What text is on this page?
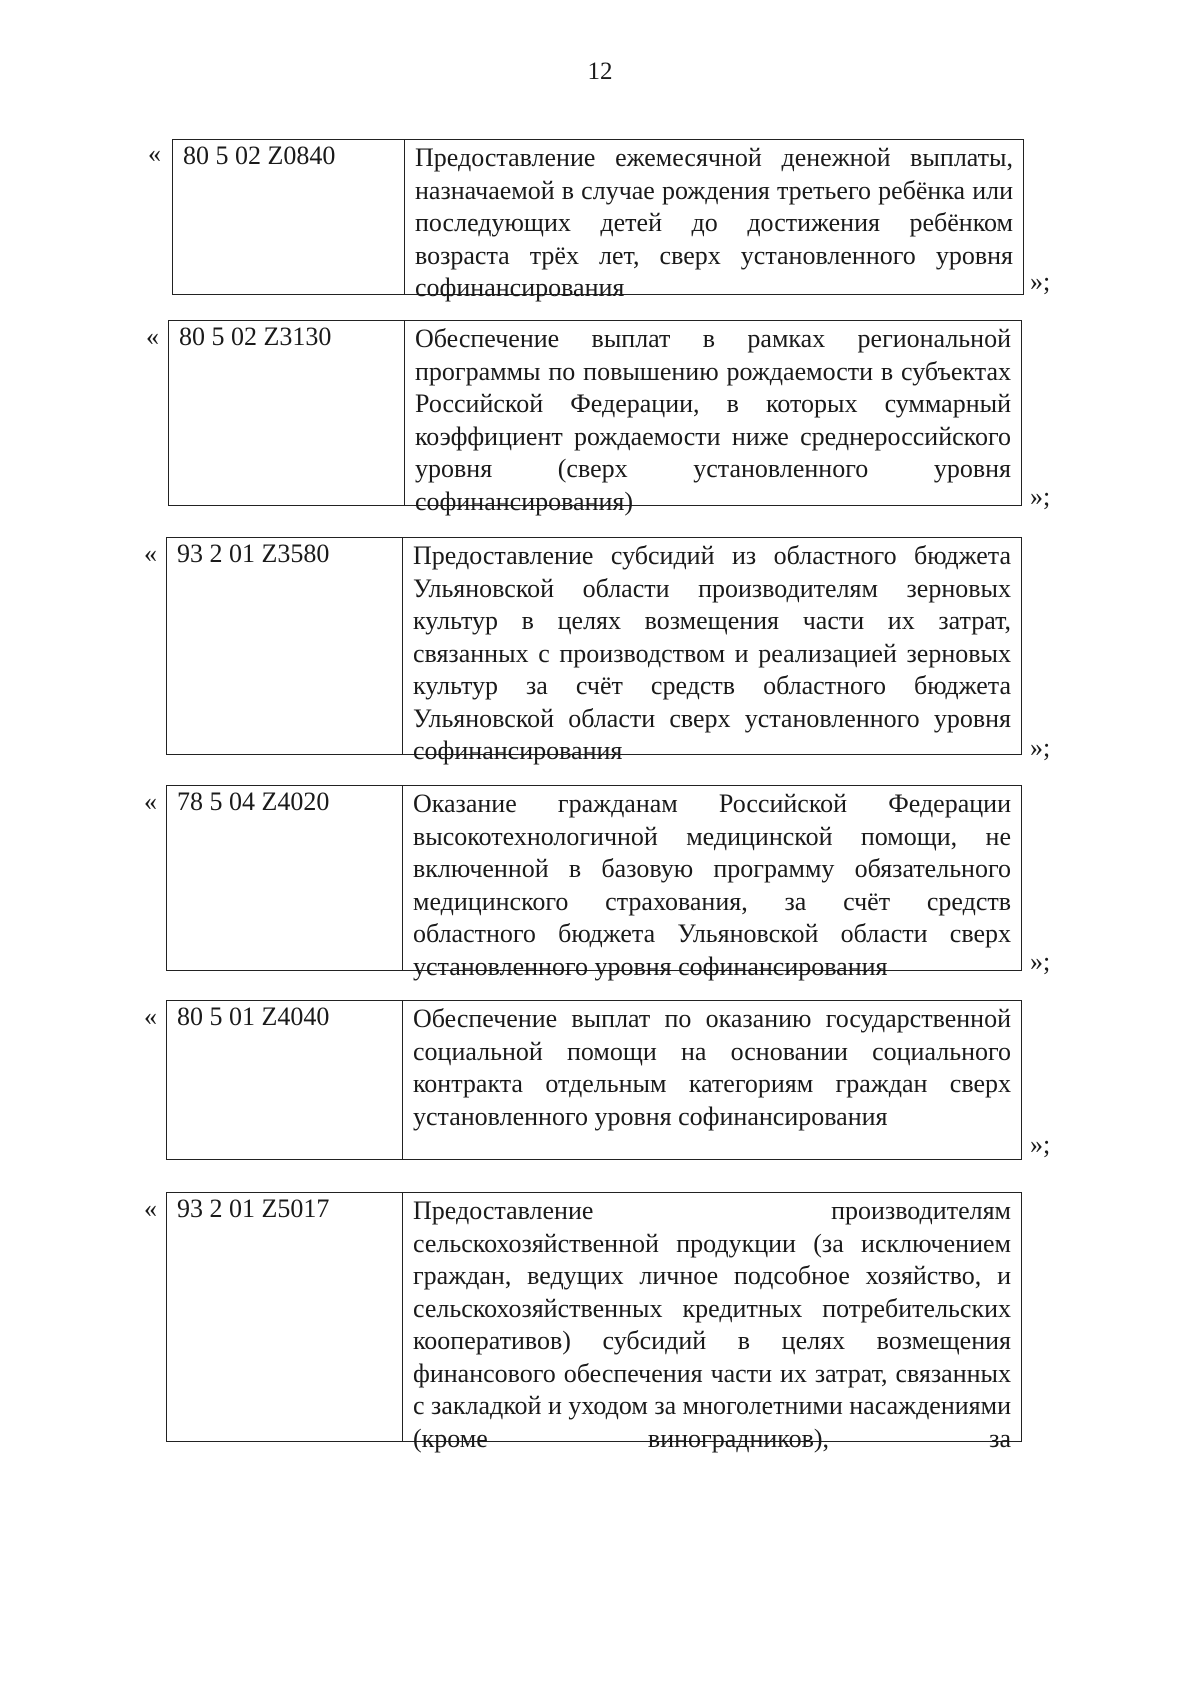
12
« 80 5 02 Z0840	Предоставление ежемесячной денежной выплаты, назначаемой в случае рождения третьего ребёнка или последующих детей до достижения ребёнком возраста трёх лет, сверх установленного уровня софинансирования	»;
« 80 5 02 Z3130	Обеспечение выплат в рамках региональной программы по повышению рождаемости в субъектах Российской Федерации, в которых суммарный коэффициент рождаемости ниже среднероссийского уровня (сверх установленного уровня софинансирования)	»;
« 93 2 01 Z3580	Предоставление субсидий из областного бюджета Ульяновской области производителям зерновых культур в целях возмещения части их затрат, связанных с производством и реализацией зерновых культур за счёт средств областного бюджета Ульяновской области сверх установленного уровня софинансирования	»;
« 78 5 04 Z4020	Оказание гражданам Российской Федерации высокотехнологичной медицинской помощи, не включенной в базовую программу обязательного медицинского страхования, за счёт средств областного бюджета Ульяновской области сверх установленного уровня софинансирования	»;
« 80 5 01 Z4040	Обеспечение выплат по оказанию государственной социальной помощи на основании социального контракта отдельным категориям граждан сверх установленного уровня софинансирования
»;
« 93 2 01 Z5017	Предоставление производителям сельскохозяйственной продукции (за исключением граждан, ведущих личное подсобное хозяйство, и сельскохозяйственных кредитных потребительских кооперативов) субсидий в целях возмещения финансового обеспечения части их затрат, связанных с закладкой и уходом за многолетними насаждениями (кроме виноградников), за
